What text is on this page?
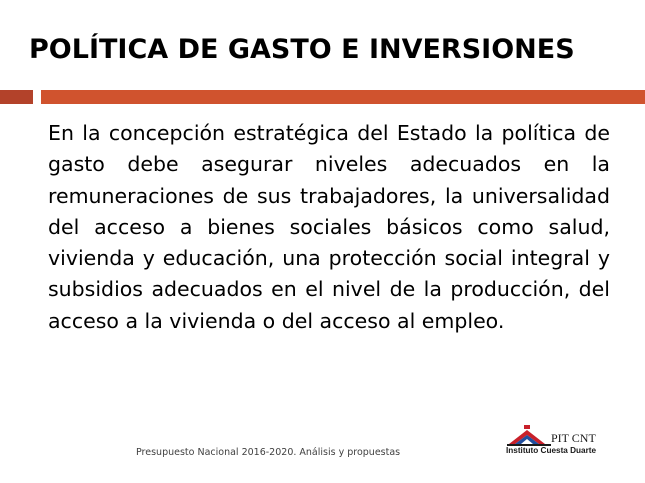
POLÍTICA DE GASTO E INVERSIONES

En la concepción estratégica del Estado la política de gasto debe asegurar niveles adecuados en la remuneraciones de sus trabajadores, la universalidad del acceso a bienes sociales básicos como salud, vivienda y educación, una protección social integral y subsidios adecuados en el nivel de la producción, del acceso a la vivienda o del acceso al empleo.

Presupuesto Nacional 2016-2020. Análisis y propuestas

PIT CNT
Instituto Cuesta Duarte
